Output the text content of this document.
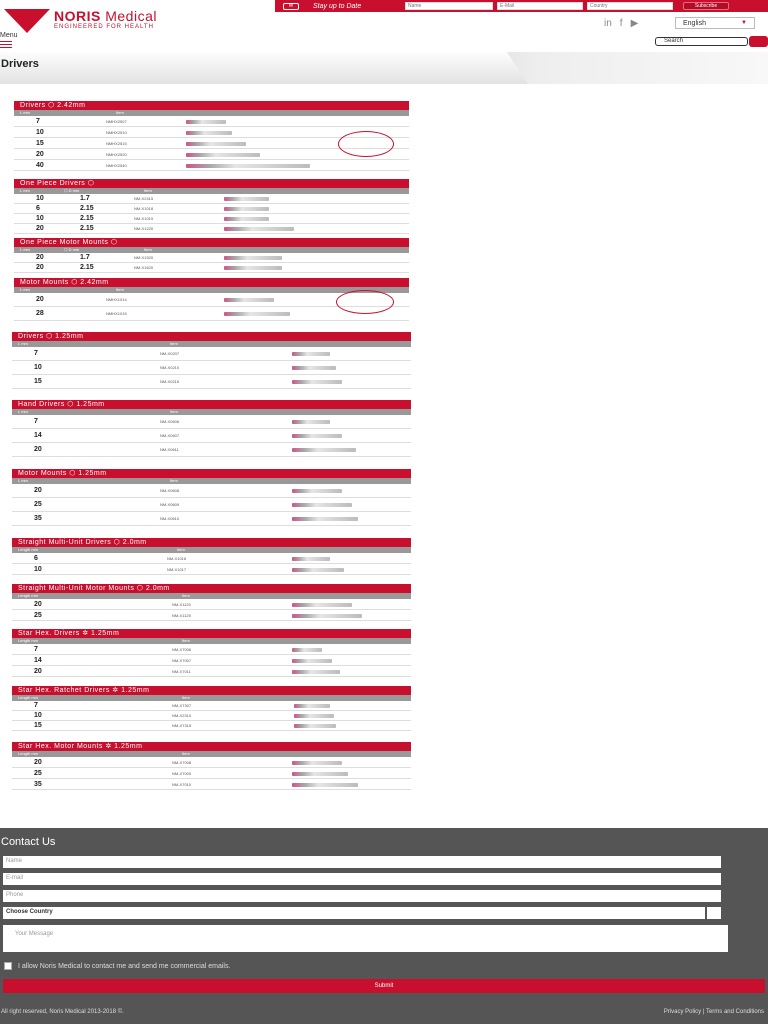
✉	Stay up to Date
Name
E-Mail
Country	Subscribe
NORIS Medical
ENGINEERED FOR HEALTH
Menu
in f ▶	English	▼
Search
Drivers
Drivers ⬡ 2.42mm
L mm	Item
7	NMHX2507
10	NMHX2510
15	NMHX2515
20	NMHX2520
40	NMHX2540
One Piece Drivers ⬡
L mm	⬡ D mm	Item
10	1.7	NM-X2415
6	2.15	NM-X1018
10	2.15	NM-X1019
20	2.15	NM-X1220
One Piece Motor Mounts ⬡
L mm	⬡ D mm	Item
20	1.7	NM-X1520
20	2.15	NM-X1620
Motor Mounts ⬡ 2.42mm
L mm	Item
20	NMHX1014
28	NMHX1015
Drivers ⬡ 1.25mm
L mm	Item
7	NM-X0207
10	NM-X0210
15	NM-X0215
Hand Drivers ⬡ 1.25mm
L mm	Item
7	NM-X0606
14	NM-X0607
20	NM-X0611
Motor Mounts ⬡ 1.25mm
L mm	Item
20	NM-X0608
25	NM-X0609
35	NM-X0610
Straight Multi-Unit Drivers ⬡ 2.0mm
Length mm	Item
6	NM-X1016
10	NM-X1017
Straight Multi-Unit Motor Mounts ⬡ 2.0mm
Length mm	Item
20	NM-X1120
25	NM-X1125
Star Hex. Drivers ✲ 1.25mm
Length mm	Item
7	NM-X7006
14	NM-X7007
20	NM-X7011
Star Hex. Ratchet Drivers ✲ 1.25mm
Length mm	Item
7	NM-X7307
10	NM-X2310
15	NM-X7315
Star Hex. Motor Mounts ✲ 1.25mm
Length mm	Item
20	NM-X7008
25	NM-X7000
35	NM-X7010
Contact Us
Name
E-mail
Phone
Choose Country
Your Message
I allow Noris Medical to contact me and send me commercial emails.
Submit
All right reserved, Noris Medical 2013-2018 ©.	Privacy Policy | Terms and Conditions
